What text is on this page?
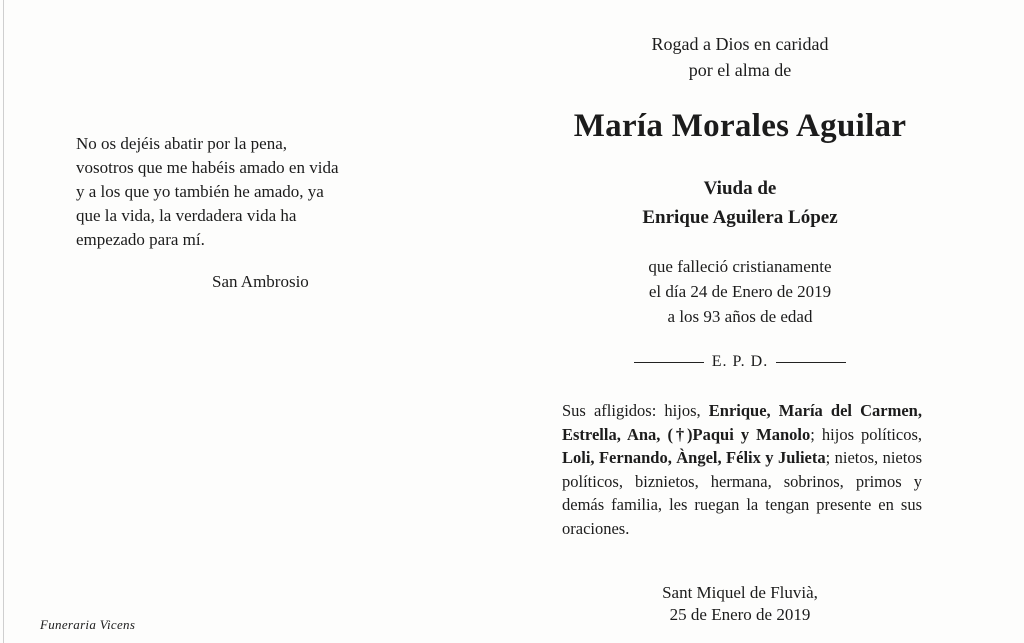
No os dejéis abatir por la pena,
vosotros que me habéis amado en vida
y a los que yo también he amado, ya
que la vida, la verdadera vida ha
empezado para mí.
San Ambrosio
Funeraria Vicens
Rogad a Dios en caridad
por el alma de
María Morales Aguilar
Viuda de
Enrique Aguilera López
que falleció cristianamente
el día 24 de Enero de 2019
a los 93 años de edad
E. P. D.
Sus afligidos: hijos, Enrique, María del Carmen, Estrella, Ana, (†)Paqui y Manolo; hijos políticos, Loli, Fernando, Àngel, Félix y Julieta; nietos, nietos políticos, biznietos, hermana, sobrinos, primos y demás familia, les ruegan la tengan presente en sus oraciones.
Sant Miquel de Fluvià,
25 de Enero de 2019
